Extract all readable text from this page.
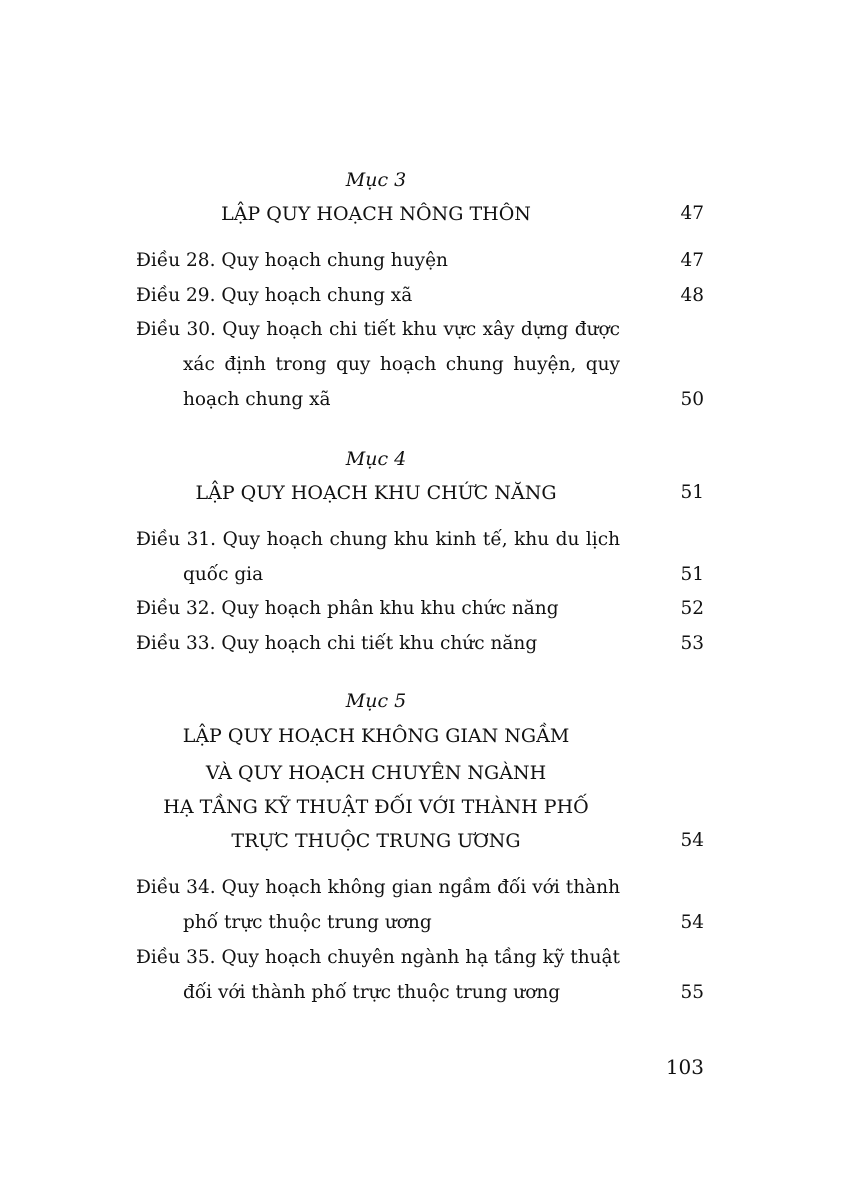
Mục 3
LẬP QUY HOẠCH NÔNG THÔN	47
Điều 28. Quy hoạch chung huyện	47
Điều 29. Quy hoạch chung xã	48
Điều 30. Quy hoạch chi tiết khu vực xây dựng được
xác định trong quy hoạch chung huyện, quy
hoạch chung xã	50
Mục 4
LẬP QUY HOẠCH KHU CHỨC NĂNG	51
Điều 31. Quy hoạch chung khu kinh tế, khu du lịch
quốc gia	51
Điều 32. Quy hoạch phân khu khu chức năng	52
Điều 33. Quy hoạch chi tiết khu chức năng	53
Mục 5
LẬP QUY HOẠCH KHÔNG GIAN NGẦM
VÀ QUY HOẠCH CHUYÊN NGÀNH
HẠ TẦNG KỸ THUẬT ĐỐI VỚI THÀNH PHỐ
TRỰC THUỘC TRUNG ƯƠNG	54
Điều 34. Quy hoạch không gian ngầm đối với thành
phố trực thuộc trung ương	54
Điều 35. Quy hoạch chuyên ngành hạ tầng kỹ thuật
đối với thành phố trực thuộc trung ương	55
103
